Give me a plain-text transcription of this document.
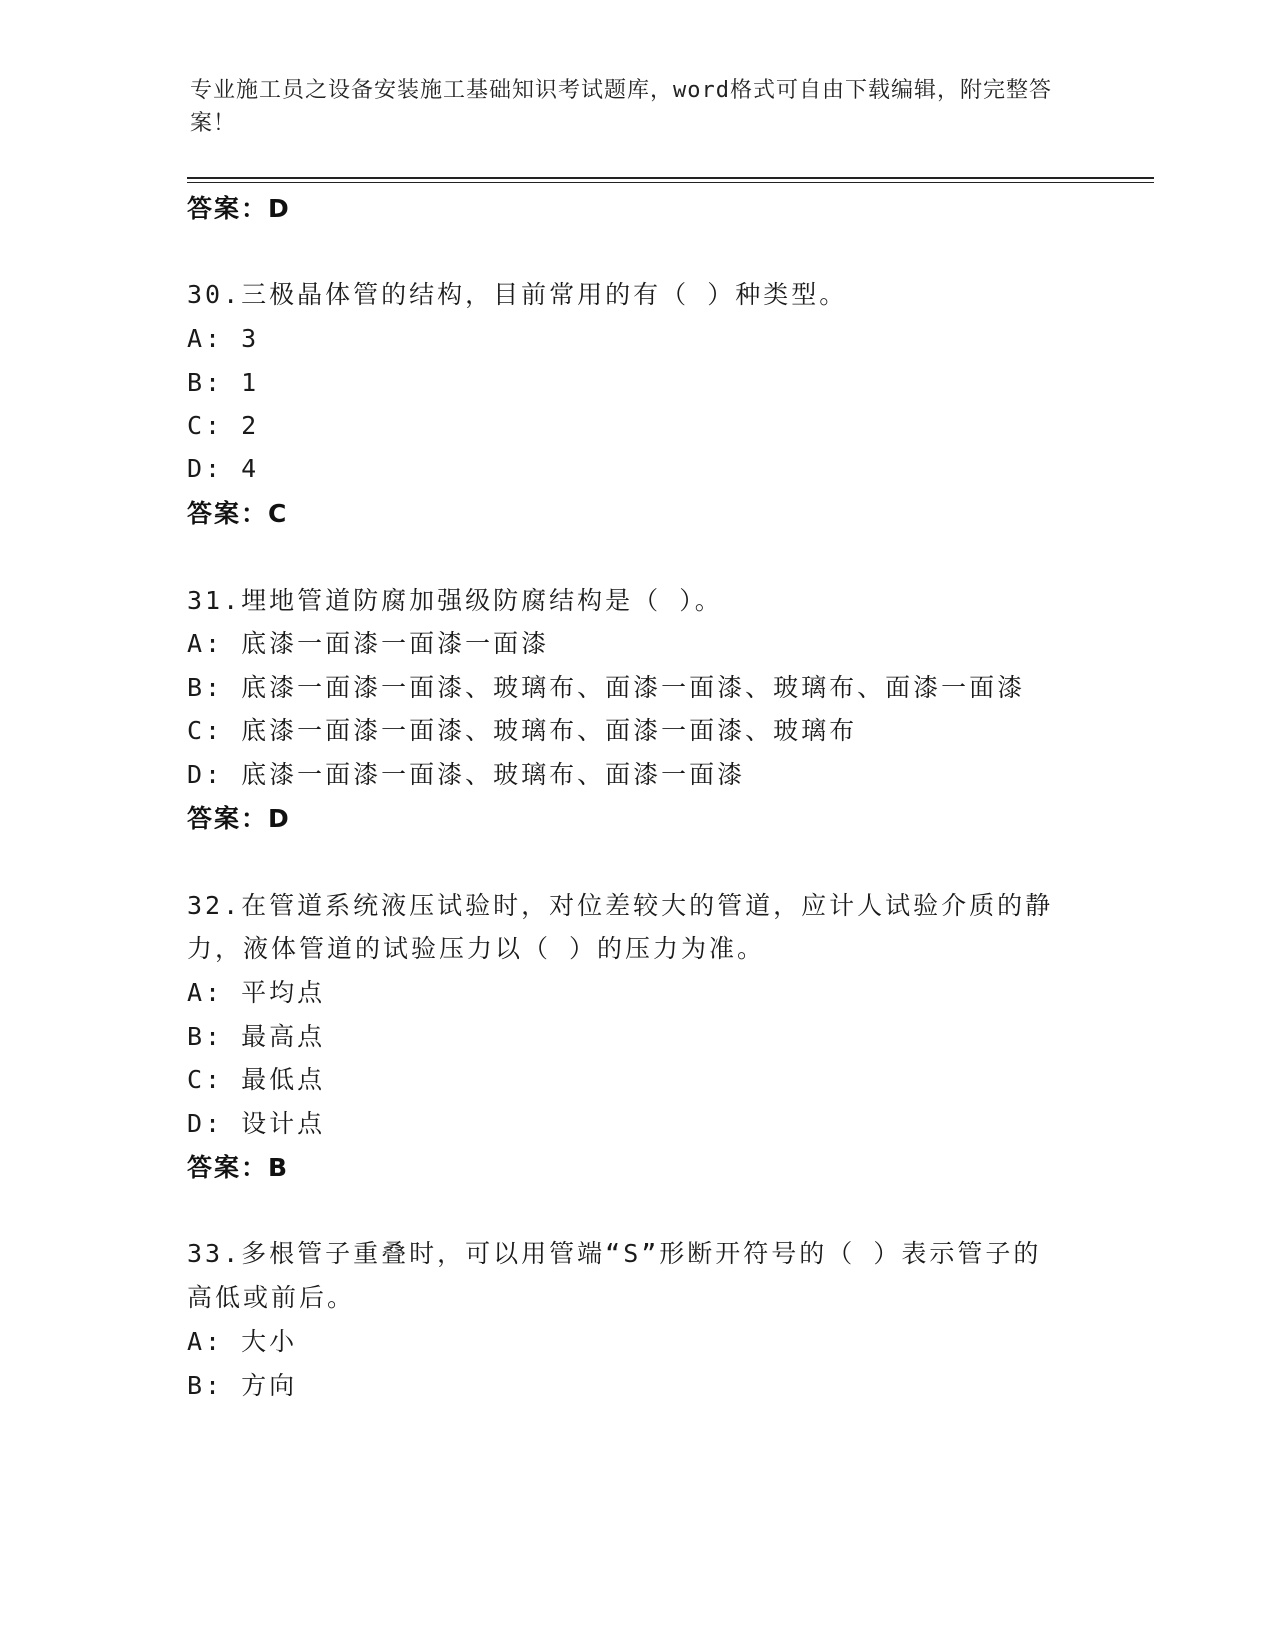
专业施工员之设备安装施工基础知识考试题库，word格式可自由下载编辑，附完整答案！
答案：D
30.三极晶体管的结构，目前常用的有（ ）种类型。
A: 3
B: 1
C: 2
D: 4
答案：C
31.埋地管道防腐加强级防腐结构是（ ）。
A: 底漆一面漆一面漆一面漆
B: 底漆一面漆一面漆、玻璃布、面漆一面漆、玻璃布、面漆一面漆
C: 底漆一面漆一面漆、玻璃布、面漆一面漆、玻璃布
D: 底漆一面漆一面漆、玻璃布、面漆一面漆
答案：D
32.在管道系统液压试验时，对位差较大的管道，应计人试验介质的静
力，液体管道的试验压力以（ ）的压力为准。
A: 平均点
B: 最高点
C: 最低点
D: 设计点
答案：B
33.多根管子重叠时，可以用管端“S”形断开符号的（ ）表示管子的
高低或前后。
A: 大小
B: 方向
